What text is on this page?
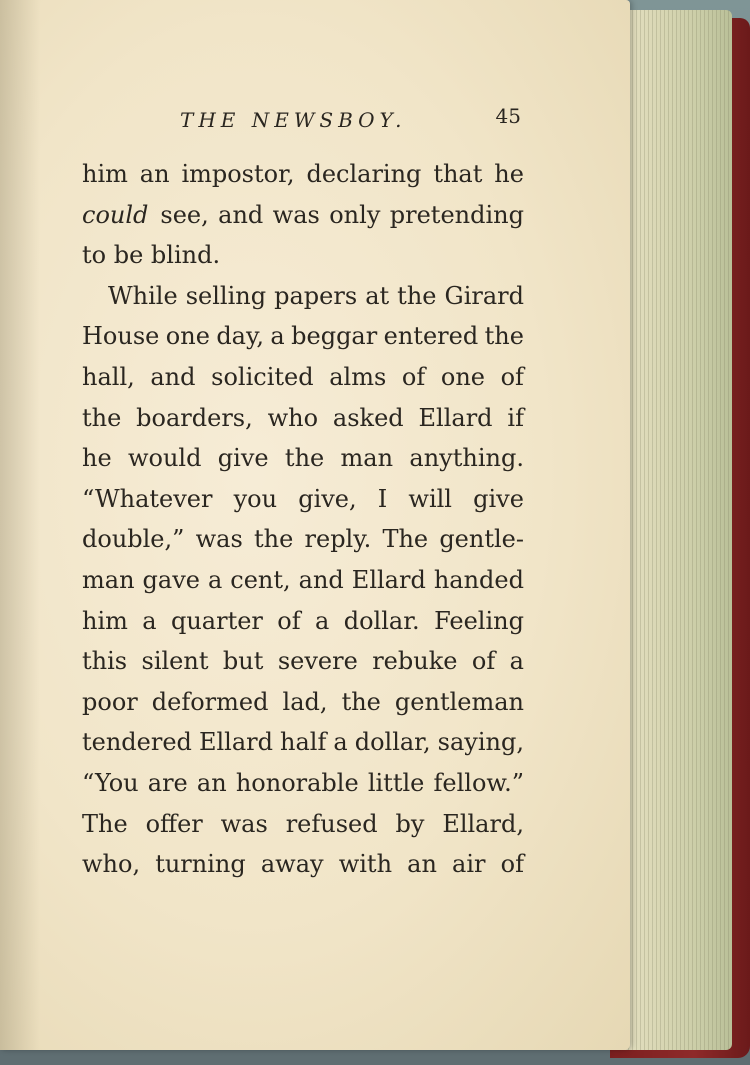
THE NEWSBOY.	45
him an impostor, declaring that he
could see, and was only pretending
to be blind.
While selling papers at the Girard
House one day, a beggar entered the
hall, and solicited alms of one of
the boarders, who asked Ellard if
he would give the man anything.
“Whatever you give, I will give
double,” was the reply. The gentle-
man gave a cent, and Ellard handed
him a quarter of a dollar. Feeling
this silent but severe rebuke of a
poor deformed lad, the gentleman
tendered Ellard half a dollar, saying,
“You are an honorable little fellow.”
The offer was refused by Ellard,
who, turning away with an air of
